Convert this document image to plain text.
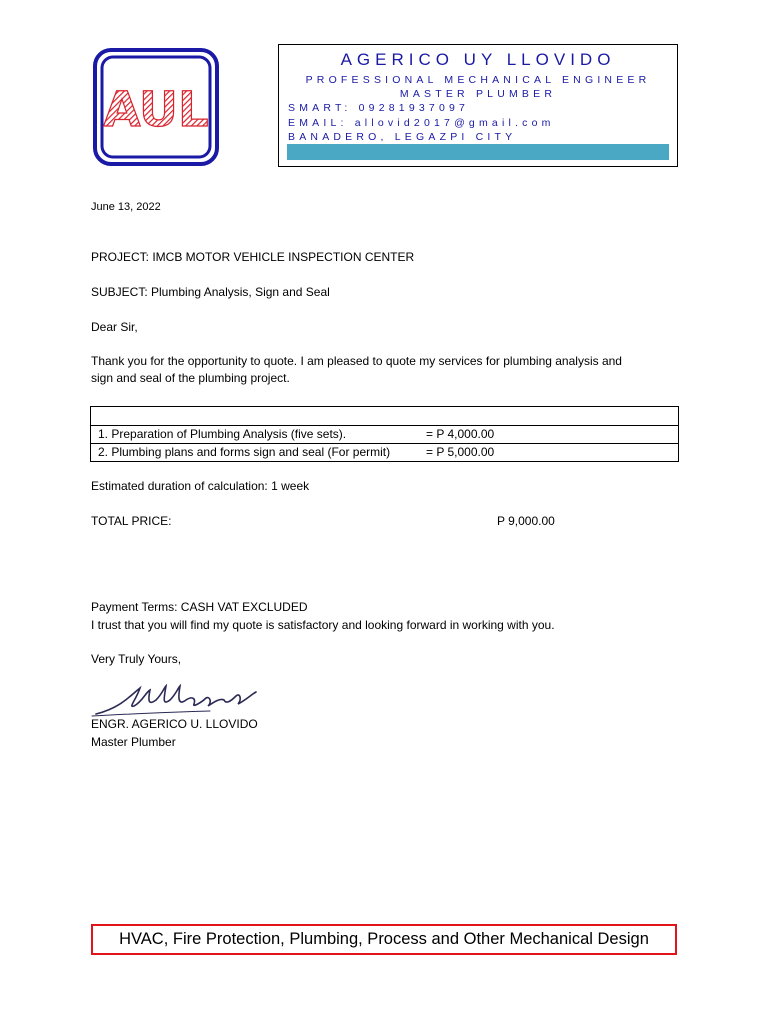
AUL
AGERICO UY LLOVIDO
PROFESSIONAL MECHANICAL ENGINEER
MASTER PLUMBER
SMART: 09281937097
EMAIL: allovid2017@gmail.com
BANADERO, LEGAZPI CITY
June 13, 2022
PROJECT: IMCB MOTOR VEHICLE INSPECTION CENTER
SUBJECT: Plumbing Analysis, Sign and Seal
Dear Sir,
Thank you for the opportunity to quote. I am pleased to quote my services for plumbing analysis and
sign and seal of the plumbing project.
1. Preparation of Plumbing Analysis (five sets).	= P 4,000.00
2. Plumbing plans and forms sign and seal (For permit)	= P 5,000.00
Estimated duration of calculation: 1 week
TOTAL PRICE:	P 9,000.00
Payment Terms: CASH VAT EXCLUDED
I trust that you will find my quote is satisfactory and looking forward in working with you.
Very Truly Yours,
ENGR. AGERICO U. LLOVIDO
Master Plumber
HVAC, Fire Protection, Plumbing, Process and Other Mechanical Design
